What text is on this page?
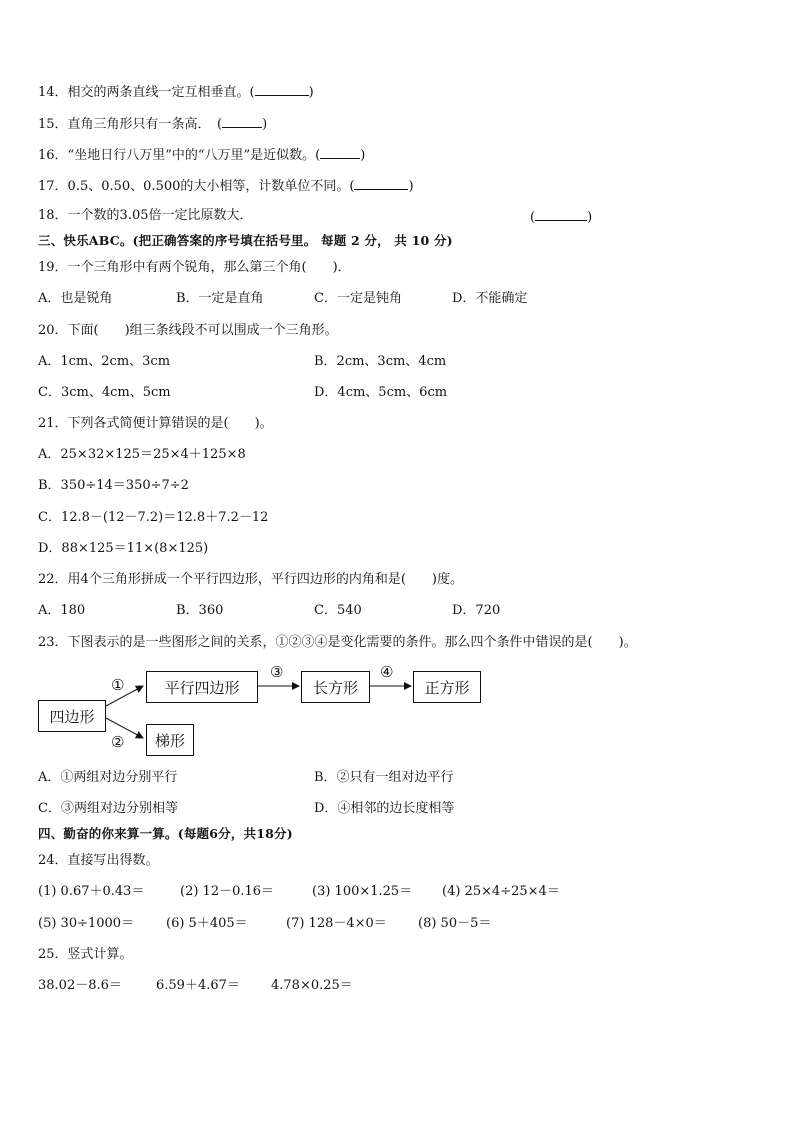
14．相交的两条直线一定互相垂直。(	)
15．直角三角形只有一条高．　(	)
16．“坐地日行八万里”中的“八万里”是近似数。(	)
17．0.5、0.50、0.500的大小相等，计数单位不同。(	)
18．一个数的3.05倍一定比原数大．	(	)
三、快乐ABC。(把正确答案的序号填在括号里。 每题 2 分， 共 10 分)
19．一个三角形中有两个锐角，那么第三个角(　　)．
A．也是锐角	B．一定是直角	C．一定是钝角	D．不能确定
20．下面(　　)组三条线段不可以围成一个三角形。
A．1cm、2cm、3cm	B．2cm、3cm、4cm
C．3cm、4cm、5cm	D．4cm、5cm、6cm
21．下列各式简便计算错误的是(　　)。
A．25×32×125＝25×4＋125×8
B．350÷14＝350÷7÷2
C．12.8－(12－7.2)＝12.8＋7.2－12
D．88×125＝11×(8×125)
22．用4个三角形拼成一个平行四边形，平行四边形的内角和是(　　)度。
A．180	B．360	C．540	D．720
23．下图表示的是一些图形之间的关系，①②③④是变化需要的条件。那么四个条件中错误的是(　　)。
四边形
平行四边形	长方形	正方形
梯形
①
②
③	④
A．①两组对边分别平行	B．②只有一组对边平行
C．③两组对边分别相等	D．④相邻的边长度相等
四、勤奋的你来算一算。(每题6分，共18分)
24．直接写出得数。
(1) 0.67＋0.43＝	(2) 12－0.16＝	(3) 100×1.25＝ (4) 25×4÷25×4＝
(5) 30÷1000＝ (6) 5＋405＝	(7) 128－4×0＝ (8) 50－5＝
25．竖式计算。
38.02－8.6＝	6.59＋4.67＝ 4.78×0.25＝
